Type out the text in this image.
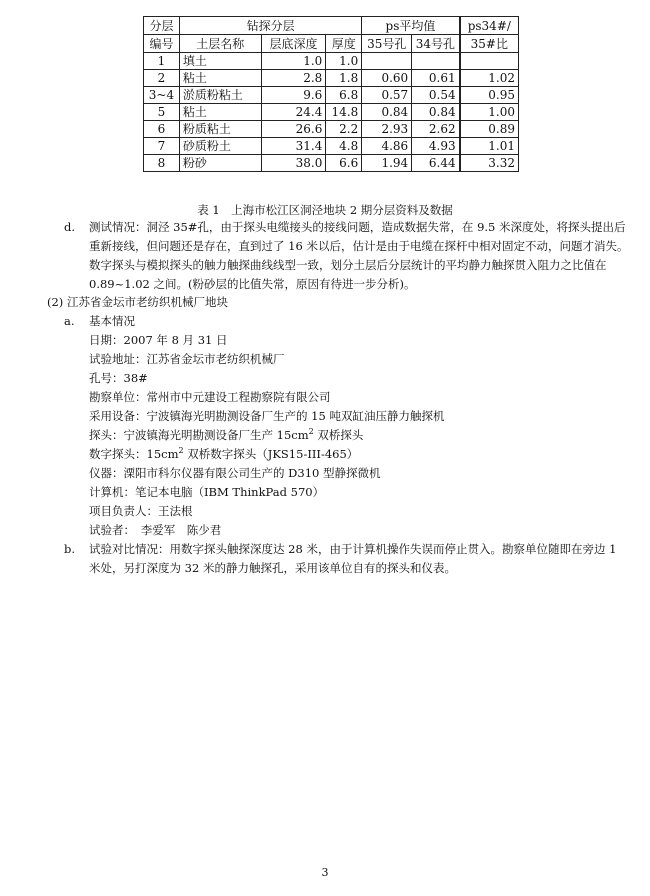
分层	钻探分层			ps平均值		ps34#/
编号	土层名称	层底深度	厚度	35号孔	34号孔	35#比
1	填土	1.0	1.0			
2	粘土	2.8	1.8	0.60	0.61	1.02
3~4	淤质粉粘土	9.6	6.8	0.57	0.54	0.95
5	粘土	24.4	14.8	0.84	0.84	1.00
6	粉质粘土	26.6	2.2	2.93	2.62	0.89
7	砂质粉土	31.4	4.8	4.86	4.93	1.01
8	粉砂	38.0	6.6	1.94	6.44	3.32
表 1　上海市松江区洞泾地块 2 期分层资料及数据
d. 测试情况：洞泾 35#孔，由于探头电缆接头的接线问题，造成数据失常，在 9.5 米深度处，将探头提出后
重新接线，但问题还是存在，直到过了 16 米以后，估计是由于电缆在探杆中相对固定不动，问题才消失。
数字探头与模拟探头的触力触探曲线线型一致，划分土层后分层统计的平均静力触探贯入阻力之比值在
0.89~1.02 之间。(粉砂层的比值失常，原因有待进一步分析)。
(2) 江苏省金坛市老纺织机械厂地块
a. 基本情况
日期：2007 年 8 月 31 日
试验地址：江苏省金坛市老纺织机械厂
孔号：38#
勘察单位：常州市中元建设工程勘察院有限公司
采用设备：宁波镇海光明勘测设备厂生产的 15 吨双缸油压静力触探机
探头：宁波镇海光明勘测设备厂生产 $15cm^2$ 双桥探头
数字探头：$15cm^2$ 双桥数字探头（JKS15-III-465）
仪器：溧阳市科尔仪器有限公司生产的 D310 型静探微机
计算机：笔记本电脑（IBM ThinkPad 570）
项目负责人：王法根
试验者：　李爱军　陈少君
b. 试验对比情况：用数字探头触探深度达 28 米，由于计算机操作失误而停止贯入。勘察单位随即在旁边 1
米处，另打深度为 32 米的静力触探孔，采用该单位自有的探头和仪表。
3
